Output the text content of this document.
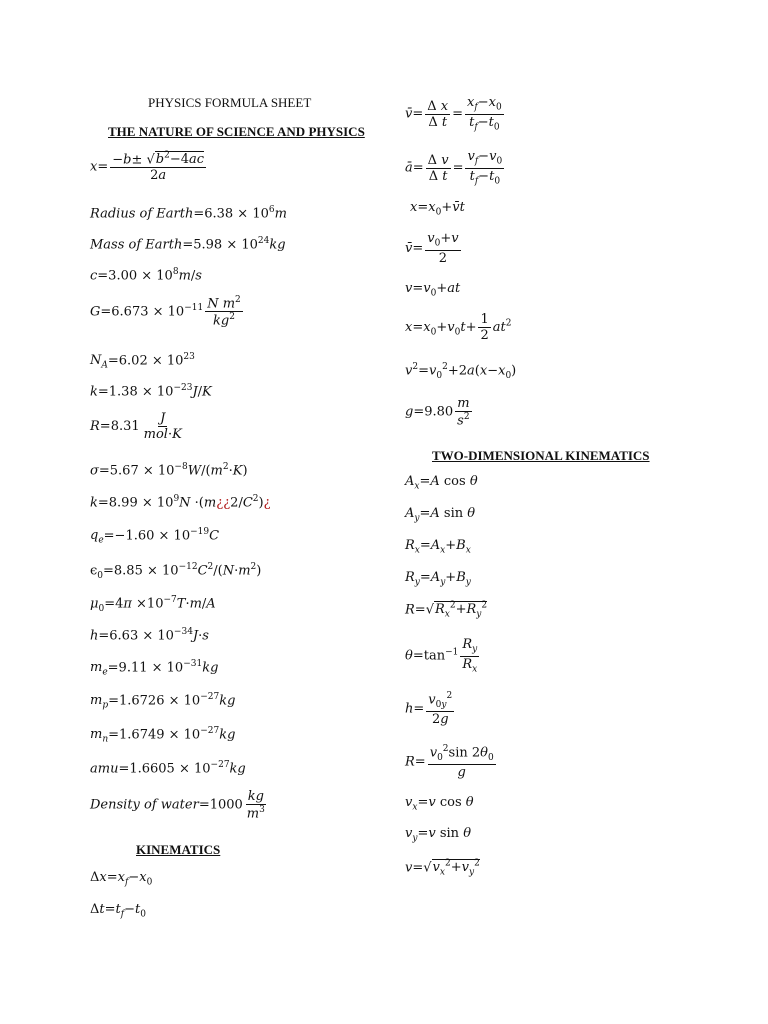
PHYSICS FORMULA SHEET
THE NATURE OF SCIENCE AND PHYSICS
$x= \frac{-b\pm √b^2-4ac}{2a}$
Radius of Earth=6.38 × $10^6m$
Mass of Earth=5.98 × $10^{24}kg$
$c=3.00 \times 10^8m/s$
$G=6.673 \times 10^{-11} \frac{N m^2}{kg^2}$
$N_A=6.02 \times 10^{23}$
$k=1.38 \times 10^{-23}J/K$
$R=8.31 \frac{J}{\text{mol·K}}$
$\sigma=5.67 \times 10^{-8}W/(m^2\cdot K)$
$k=8.99 \times 10^9N$ $\cdot(m¿¿2/C^2)¿$
$q_e=-1.60 \times 10^{-19}C$
$\epsilon_0=8.85 \times 10^{-12}C^2/(N\cdot m^2)$
$\mu_0=4\pi \times 10^{-7}T\cdot m/A$
$h=6.63 \times 10^{-34}J\cdot s$
$m_e=9.11 \times 10^{-31}kg$
$m_p=1.6726 \times 10^{-27}kg$
$m_n=1.6749 \times 10^{-27}kg$
$amu=1.6605 \times 10^{-27}kg$
Density of water=1000 $\frac{kg}{m^3}$
KINEMATICS
$\Delta x=x_f-x_0$
$\Delta t=t_f-t_0$
v̄= $\frac{\text{Δ x}}{\text{Δ t}} = \frac{x_f-x_0}{t_f-t_0}$
ā= $\frac{\text{Δ v}}{\text{Δ t}} = \frac{v_f-v_0}{t_f-t_0}$
$x=x_0+v̄t$
v̄= $\frac{v_0+v}{2}$
$v=v_0+at$
$x=x_0+v_0t+ \frac{1}{2} at^2$
$v^2=v_0^2+2a(x-x_0)$
$g=9.80 \frac{m}{s^2}$
TWO-DIMENSIONAL KINEMATICS
$A_x=A$ cos θ
$A_y=A$ sin θ
$R_x=A_x+B_x$
$R_y=A_y+B_y$
$R=√R_x^2+R_y^2$
$\theta=\tan^{-1} \frac{R_y}{R_x}$
$h= \frac{v_{0y}^2}{2g}$
$R= \frac{v_0^2\sin 2\theta_0}{g}$
$v_x=v$ cos θ
$v_y=v$ sin θ
$v=√v_x^2+v_y^2$
